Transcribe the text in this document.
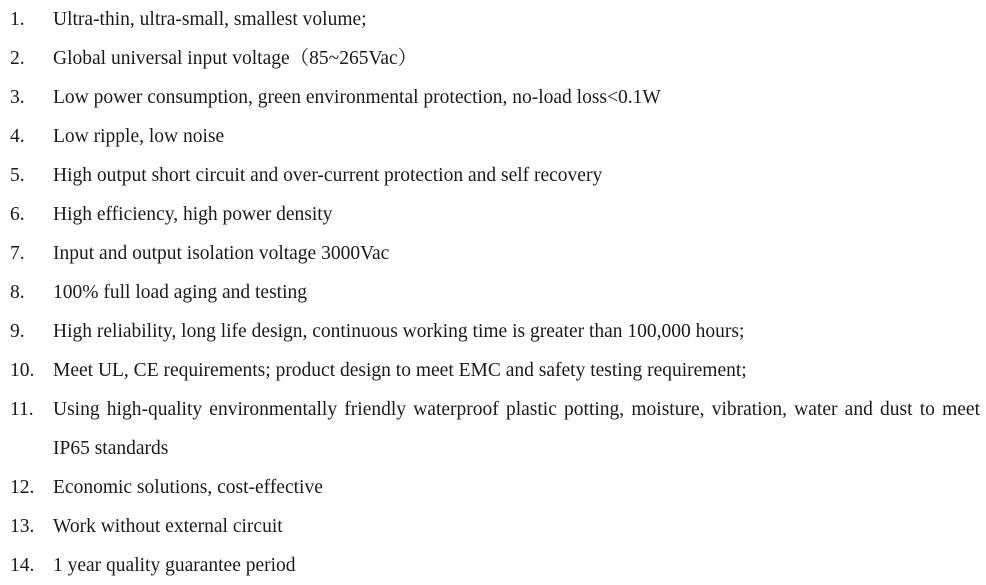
1. Ultra-thin, ultra-small, smallest volume;
2. Global universal input voltage（85~265Vac）
3. Low power consumption, green environmental protection, no-load loss<0.1W
4. Low ripple, low noise
5. High output short circuit and over-current protection and self recovery
6. High efficiency, high power density
7. Input and output isolation voltage 3000Vac
8. 100% full load aging and testing
9. High reliability, long life design, continuous working time is greater than 100,000 hours;
10. Meet UL, CE requirements; product design to meet EMC and safety testing requirement;
11. Using high-quality environmentally friendly waterproof plastic potting, moisture, vibration, water and dust to meet IP65 standards
12. Economic solutions, cost-effective
13. Work without external circuit
14. 1 year quality guarantee period
